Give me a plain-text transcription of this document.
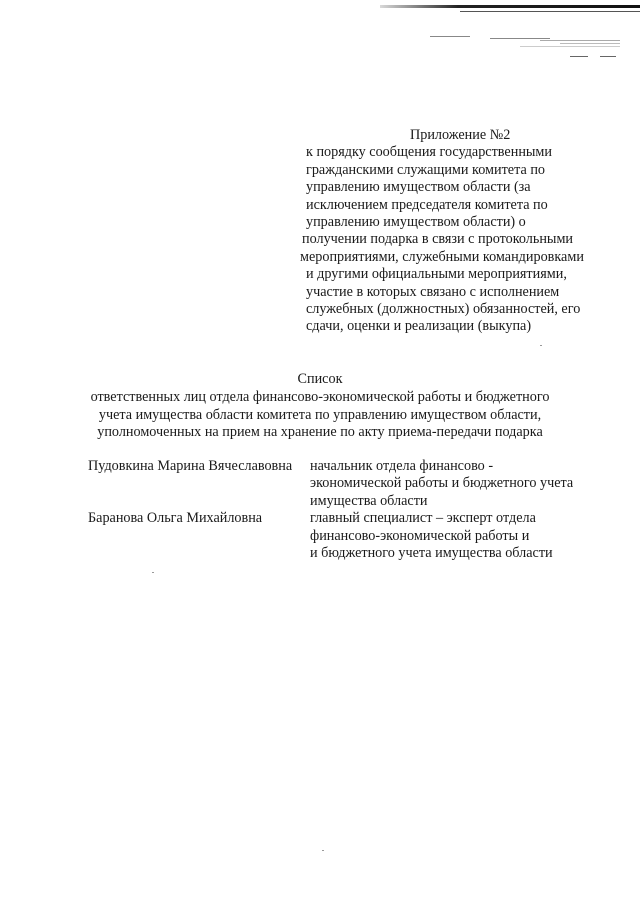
Приложение №2
к порядку сообщения государственными
гражданскими служащими комитета по
управлению имуществом области (за
исключением председателя комитета по
управлению имуществом области) о
получении подарка в связи с протокольными
мероприятиями, служебными командировками
и другими официальными мероприятиями,
участие в которых связано с исполнением
служебных (должностных) обязанностей, его
сдачи, оценки и реализации (выкупа)
Список
ответственных лиц отдела финансово-экономической работы и бюджетного
учета имущества области комитета по управлению имуществом области,
уполномоченных на прием на хранение по акту приема-передачи подарка
Пудовкина Марина Вячеславовна	начальник отдела финансово -
экономической работы и бюджетного учета
имущества области
Баранова Ольга Михайловна	главный специалист – эксперт отдела
финансово-экономической работы и
и бюджетного учета имущества области
